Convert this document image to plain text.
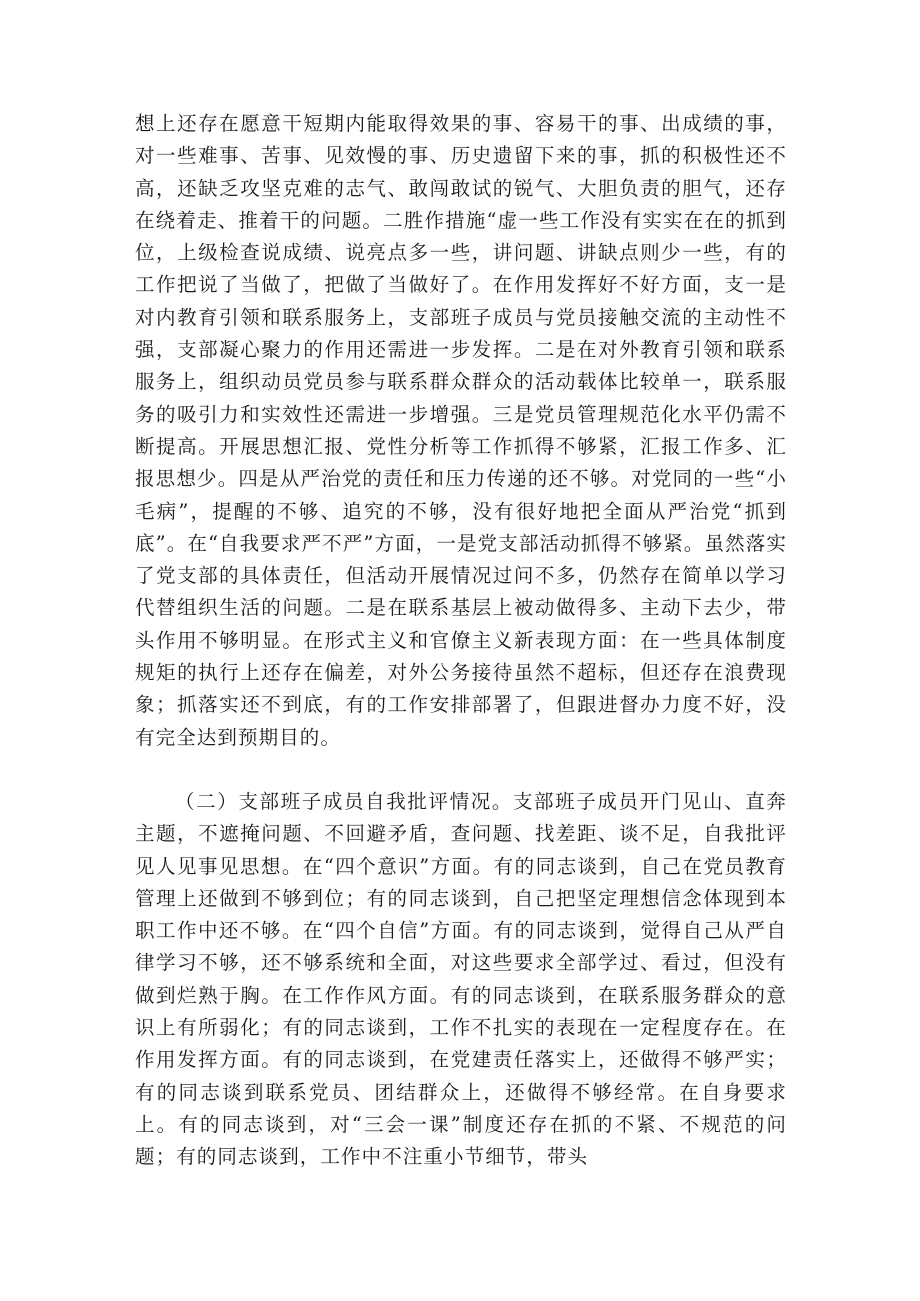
想上还存在愿意干短期内能取得效果的事、容易干的事、出成绩的事，对一些难事、苦事、见效慢的事、历史遗留下来的事，抓的积极性还不高，还缺乏攻坚克难的志气、敢闯敢试的锐气、大胆负责的胆气，还存在绕着走、推着干的问题。二胜作措施“虚一些工作没有实实在在的抓到位，上级检查说成绩、说亮点多一些，讲问题、讲缺点则少一些，有的工作把说了当做了，把做了当做好了。在作用发挥好不好方面，支一是对内教育引领和联系服务上，支部班子成员与党员接触交流的主动性不强，支部凝心聚力的作用还需进一步发挥。二是在对外教育引领和联系服务上，组织动员党员参与联系群众群众的活动载体比较单一，联系服务的吸引力和实效性还需进一步增强。三是党员管理规范化水平仍需不断提高。开展思想汇报、党性分析等工作抓得不够紧，汇报工作多、汇报思想少。四是从严治党的责任和压力传递的还不够。对党同的一些“小毛病”，提醒的不够、追究的不够，没有很好地把全面从严治党“抓到底”。在“自我要求严不严”方面，一是党支部活动抓得不够紧。虽然落实了党支部的具体责任，但活动开展情况过问不多，仍然存在简单以学习代替组织生活的问题。二是在联系基层上被动做得多、主动下去少，带头作用不够明显。在形式主义和官僚主义新表现方面：在一些具体制度规矩的执行上还存在偏差，对外公务接待虽然不超标，但还存在浪费现象；抓落实还不到底，有的工作安排部署了，但跟进督办力度不好，没有完全达到预期目的。

（二）支部班子成员自我批评情况。支部班子成员开门见山、直奔主题，不遮掩问题、不回避矛盾，查问题、找差距、谈不足，自我批评见人见事见思想。在“四个意识”方面。有的同志谈到，自己在党员教育管理上还做到不够到位；有的同志谈到，自己把坚定理想信念体现到本职工作中还不够。在“四个自信”方面。有的同志谈到，觉得自己从严自律学习不够，还不够系统和全面，对这些要求全部学过、看过，但没有做到烂熟于胸。在工作作风方面。有的同志谈到，在联系服务群众的意识上有所弱化；有的同志谈到，工作不扎实的表现在一定程度存在。在作用发挥方面。有的同志谈到，在党建责任落实上，还做得不够严实；有的同志谈到联系党员、团结群众上，还做得不够经常。在自身要求上。有的同志谈到，对“三会一课”制度还存在抓的不紧、不规范的问题；有的同志谈到，工作中不注重小节细节，带头
